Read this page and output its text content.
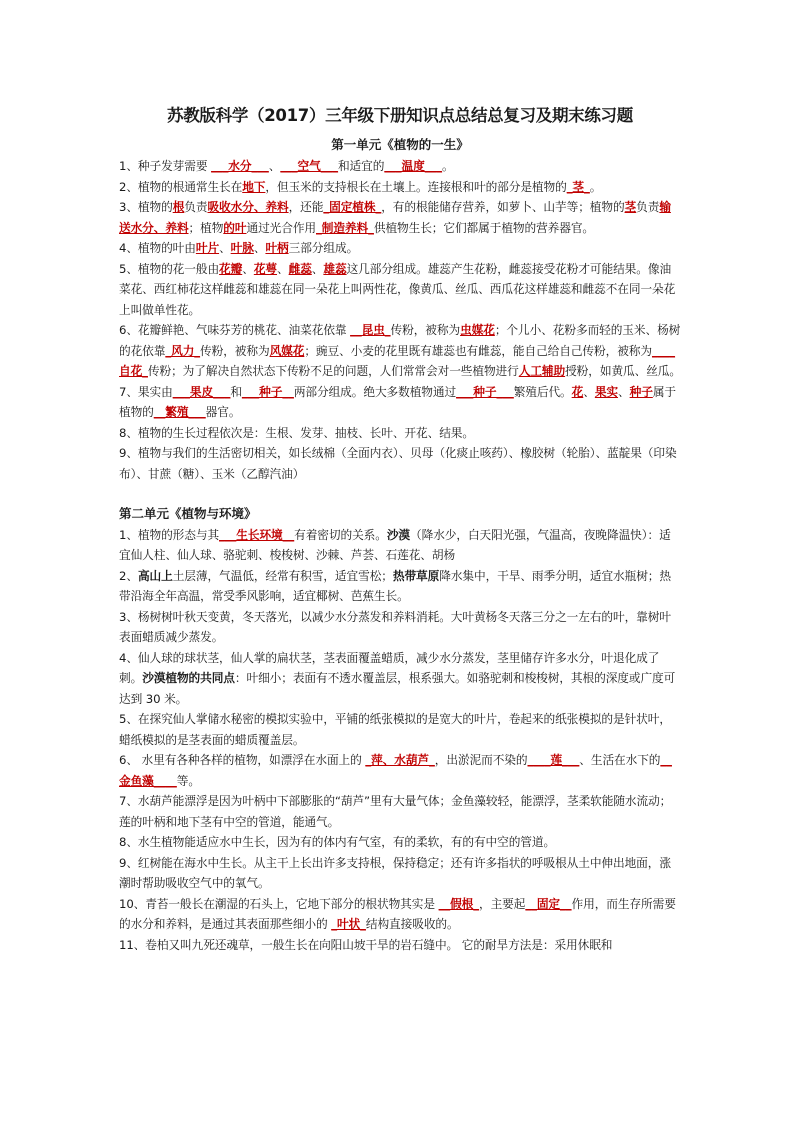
苏教版科学（2017）三年级下册知识点总结总复习及期末练习题
第一单元《植物的一生》

1、种子发芽需要 ___水分___、___空气___和适宜的___温度___。

2、植物的根通常生长在地下，但玉米的支持根长在土壤上。连接根和叶的部分是植物的_茎_。

3、植物的根负责吸收水分、养料，还能_固定植株_，有的根能储存营养，如萝卜、山芋等；植物的茎负责输送水分、养料；植物的叶通过光合作用_制造养料_供植物生长；它们都属于植物的营养器官。

4、植物的叶由叶片、叶脉、叶柄三部分组成。

5、植物的花一般由花瓣、花萼、雌蕊、雄蕊这几部分组成。雄蕊产生花粉，雌蕊接受花粉才可能结果。像油菜花、西红柿花这样雌蕊和雄蕊在同一朵花上叫两性花，像黄瓜、丝瓜、西瓜花这样雄蕊和雌蕊不在同一朵花上叫做单性花。

6、花瓣鲜艳、气味芬芳的桃花、油菜花依靠 __昆虫_传粉，被称为虫媒花；个儿小、花粉多而轻的玉米、杨树的花依靠_风力_传粉，被称为风媒花；豌豆、小麦的花里既有雄蕊也有雌蕊，能自己给自己传粉，被称为____自花_传粉；为了解决自然状态下传粉不足的问题，人们常常会对一些植物进行人工辅助授粉，如黄瓜、丝瓜。

7、果实由___果皮___和___种子__两部分组成。绝大多数植物通过___种子___繁殖后代。花、果实、种子属于植物的__繁殖___器官。

8、植物的生长过程依次是：生根、发芽、抽枝、长叶、开花、结果。

9、植物与我们的生活密切相关，如长绒棉（全面内衣）、贝母（化痰止咳药）、橡胶树（轮胎）、蓝靛果（印染布）、甘蔗（糖）、玉米（乙醇汽油）

第二单元《植物与环境》

1、植物的形态与其___生长环境__有着密切的关系。沙漠（降水少，白天阳光强，气温高，夜晚降温快）：适宜仙人柱、仙人球、骆驼刺、梭梭树、沙棘、芦荟、石莲花、胡杨

2、高山上土层薄，气温低，经常有积雪，适宜雪松；热带草原降水集中，干旱、雨季分明，适宜水瓶树；热带沿海全年高温，常受季风影响，适宜椰树、芭蕉生长。

3、杨树树叶秋天变黄，冬天落光，以减少水分蒸发和养料消耗。大叶黄杨冬天落三分之一左右的叶，靠树叶表面蜡质减少蒸发。

4、仙人球的球状茎，仙人掌的扁状茎，茎表面覆盖蜡质，减少水分蒸发，茎里储存许多水分，叶退化成了刺。沙漠植物的共同点：叶细小；表面有不透水覆盖层，根系强大。如骆驼刺和梭梭树，其根的深度或广度可达到 30 米。

5、在探究仙人掌储水秘密的模拟实验中，平铺的纸张模拟的是宽大的叶片，卷起来的纸张模拟的是针状叶，蜡纸模拟的是茎表面的蜡质覆盖层。

6、 水里有各种各样的植物，如漂浮在水面上的 _萍、水葫芦_，出淤泥而不染的____莲___、生活在水下的__金鱼藻____等。

7、水葫芦能漂浮是因为叶柄中下部膨胀的“葫芦”里有大量气体；金鱼藻较轻，能漂浮，茎柔软能随水流动；莲的叶柄和地下茎有中空的管道，能通气。

8、水生植物能适应水中生长，因为有的体内有气室，有的柔软，有的有中空的管道。

9、红树能在海水中生长。从主干上长出许多支持根，保持稳定；还有许多指状的呼吸根从土中伸出地面，涨潮时帮助吸收空气中的氧气。

10、青苔一般长在潮湿的石头上，它地下部分的根状物其实是 __假根_，主要起__固定__作用，而生存所需要的水分和养料，是通过其表面那些细小的 _叶状_结构直接吸收的。

11、卷柏又叫九死还魂草，一般生长在向阳山坡干旱的岩石缝中。 它的耐旱方法是：采用休眠和
